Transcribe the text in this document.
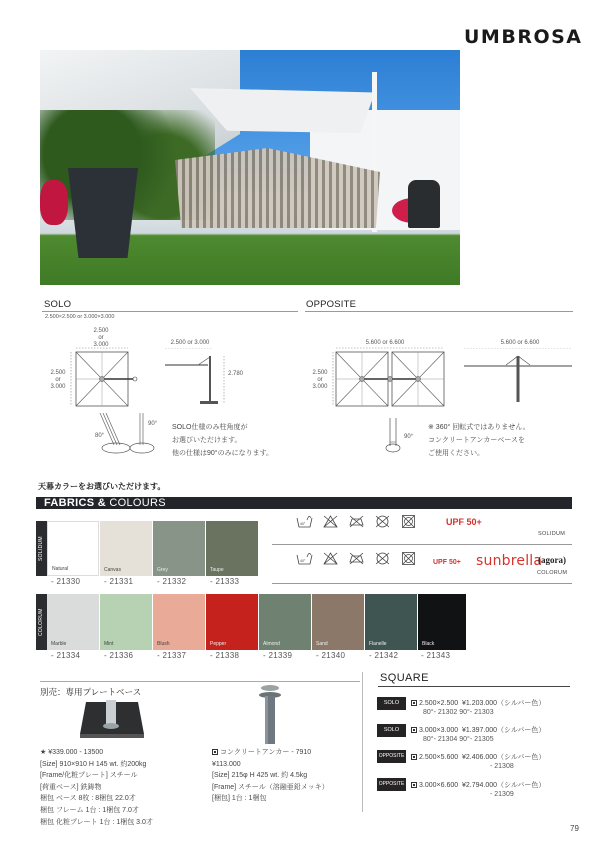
UMBROSA
SOLO
2.500×2.500 or 3.000×3.000
2.500
or
3.000
2.500
or
3.000
2.500 or 3.000
2.780
80°
90° SOLO仕様のみ柱角度が
お選びいただけます。
他の仕様は90°のみになります。
OPPOSITE
5.600 or 6.600
2.500
or
3.000
5.600 or 6.600
90°
※ 360° 回転式ではありません。
コンクリートアンカーベースを
ご使用ください。
天幕カラーをお選びいただけます。
FABRICS & COLOURS
SOLIDUM
Natural	Canvas	Grey	Taupe
- 21330	- 21331	- 21332	- 21333
40°	UPF 50+
SOLIDUM
40°	UPF 50+ sunbrella
(agora)
COLORUM
COLORUM
Marble	Mint	Blush	Pepper	Almond	Sand	Flanelle	Black
- 21334	- 21336	- 21337	- 21338	- 21339	- 21340	- 21342	- 21343
別売：専用プレートベース
★ ¥339.000 - 13500
[Size] 910×910 H 145 wt. 約200kg
[Frame/化粧プレート] スチール
[荷重ベース] 鉄鋳物
梱包 ベース 8枚 : 8梱包 22.0才
梱包 フレーム 1台 : 1梱包 7.0才
梱包 化粧プレート 1台 : 1梱包 3.0才
コンクリートアンカー - 7910
¥113.000
[Size] 215φ H 425 wt. 約 4.5kg
[Frame] スチール（溶融亜鉛メッキ）
[梱包] 1台 : 1梱包
SQUARE
SOLO	2.500×2.500 ¥1.203.000（シルバー色）
80°- 21302 90°- 21303
SOLO	3.000×3.000 ¥1.397.000（シルバー色）
80°- 21304 90°- 21305
OPPOSITE	2.500×5.600 ¥2.406.000（シルバー色）
- 21308
OPPOSITE	3.000×6.600 ¥2.794.000（シルバー色）
- 21309
79
